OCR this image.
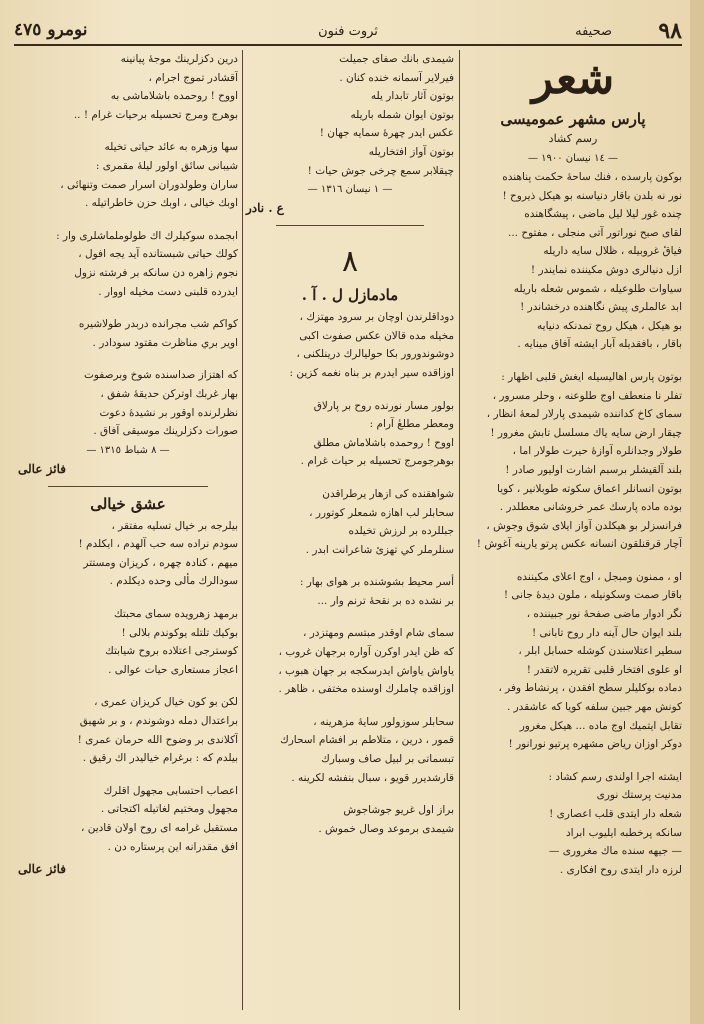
٩٨
صحيفه
ثروت فنون
نومرو ٤٧٥
شعر
پارس مشهر عموميسى
رسم كشاد
— ١٤ نيسان ١٩٠٠ —
بوكون پارسده ، فنك ساحهٔ حكمت پناهنده
نور نه بلدن باقار دنياسنه بو هيكل ذيروح !
چنده غور ليلا ليل ماضى ، پيشگاهنده
لقاى صبح نوراتور آتى منجلى ، مفتوح ...
فياقٔ غروبيله ، ظلال سايه داريله
ازل دنيالرى دوش مكيننده نمايندر !
سياوات طلوعيله ، شموس شعله باريله
ابد عالملرى پيش نگاهنده درخشاندر !
بو هيكل ، هيكل روح تمدنكه دنيايه
باقار ، بافقديله آبار ايشته آفاق مينايه .
بوتون پارس اهاليسيله ايغش قلبى اظهار :
تفلر نا منعطف اوج طلوعنه ، وحلر مسرور ،
سماى كاخ كداننده شيمدى پارلار لمعهٔ انظار ،
چيقار ارض سايه ياك مسلسل تابش مغرور !
طولار وجدانلره آوازهٔ حيرت طولار اما ،
بلند آلقيشلر برسبم اشارت اوليور صادر !
بوتون انسانلر اعماق سكوته طوبلانير ، كويا
بوده ماده پارسك عمر خروشانى معطلدر .
فرانسزلر بو هيكلدن آواز ايلاى شوق وجوش ،
آچار قرقنلقون انسانه عكس پرتو يارينه آغوش !
او ، ممنون ومبجل ، اوج اعلاى مكيننده
باقار صمت وسكونيله ، ملون ديدهٔ جانى !
نگر ادوار ماضى صفحهٔ نور جبيننده ،
بلند ايوان حال آينه دار روح تابانى !
سطير اعتلاسندن كوشله حسابل ابلر ،
او علوى افتخار قلبى تقريره لاتقدر !
دماده بوكليلر سطح افقدن ، پرنشاط وفر ،
كونش مهر جبين سلفه كويا كه عاشقدر .
تقابل ايتميك اوج ماده ... هيكل مغرور
دوكر اوزان رياض مشهره پرتيو نورانور !
ايشته اجرا اولندى رسم كشاد :
مدنيت پرستك نورى
شعله دار ايتدى قلب اعصارى !
سانكه پرخطبه ايليوب ابراد
— جيهه سنده ماك مغرورى —
لرزه دار ايتدى روح افكارى .
شيمدى بانك صفاى جميلت
فيرلاير آسمانه خنده كنان .
بوتون آثار تابدار يله
بوتون ايوان شمله باريله
عكس ايدر چهرهٔ سمايه جهان !
بوتون آواز افتخاريله
چيقلابر سمع چرخى جوش حيات !
— ١ نيسان ١٣١٦ —
ع . نادر
٨
مادمازل ل . آ .
دوداقلرندن اوچان بر سرود مهتزك ،
مخيله مده قالان عكس صفوت اكبى
دوشوندورور بكا حوليالرك درينلكنى ،
اوزاقده سير ايدرم بر بناه نغمه كزين :
بولور مسار نورنده روح بر پارلاق
ومعطر مطلعٔ آرام :
اووح ! روحمده باشلاماش مطلق
بوهرجومرج تحسيله بر حيات غرام .
شواهقنده كى ازهار يرطراقدن
سحابلر لب اهازه شمعلر كوتورر ،
جبللرده بر لرزش تخيلده
سنلرملر كي تهزئ شاعرانت ابدر .
أسر محيط بشوشنده بر هواى بهار :
بر نشده ده بر نقحهٔ ترنم وار ...
سماى شام اوقدر مبتسم ومهتزدر ،
كه ظن ايدر اوكرن آواره برجهان غروب ،
ياواش ياواش ايدرسكجه بر جهان هبوب ،
اوزاقده چاملرك اوسنده مختفى ، ظاهر .
سحابلر سوزولور سايهٔ مزهرينه ،
قمور ، درين ، متلاطم بر افشام اسحارك
تبسماتى بر لبيل صاف وسبارك
قارشديرر قويو ، سبال بنفشه لكرينه .
براز اول غريو جوشاجوش
شيمدى برموعد وصال خموش .
درين دكزلرينك موجهٔ پيانينه
آقشادر تموج اجرام ،
اووح ! روحمده باشلاماشى به
بوهرج ومرج تحسيله برحيات غرام ! ..
سها وزهره به عائد حياتى تخيله
شيبانى سائق اولور ليلهٔ مقمرى :
ساران وطولدوران اسرار صمت وتنهائى ،
اوبك خيالى ، اوبك حزن خاطراتيله .
ابجمده سوكيلرك اك طولوملماشلرى وار :
كولك حياتى شبستانده آيد يجه افول ،
نجوم زاهره دن سانكه بر فرشته نزول
ايدرده قلبنى دست مخيله اووار .
كواكم شب مجرانده دربدر طولاشيره
اوير بري مناظرت مقتود سودادر .
كه اهتزاز صداسنده شوخ وبرصفوت
بهار غربك اوتركن حديقهٔ شفق ،
نظرلرنده اوقور بر نشيدهٔ دعوت
صورات دكزلرينك موسيقى آفاق .
— ٨ شباط ١٣١٥ —
فائز عالى
عشق خيالى
بيلرجه بر خيال تسليه مفتقر ،
سودم نراده سه حب آلهدم ، ايكلدم !
ميهم ، كنادہ چهره ، كريزان ومستتر
سودالرك مألى وحده ديكلدم .
برمهد زهرويده سماى محبتك
بوكيك تلتله يوكوندم بلالى !
كوسترجى اعتلاده بروح شيابتك
اعجاز مستعارى حيات عوالى .
لكن بو كون خيال كريزان عمرى ،
براعتدال دمله دوشوندم ، و بر شهيق
آكلاندى بر وضوح الله حرمان عمرى !
بيلدم كه : برغرام خياليدر اك رقيق .
اعصاب احتسابى مجهول اقلرك
مجهول ومختيم لغاتيله اكتجاتى .
مستقبل غرامه اى روح اولان قادين ،
افق مقدرانه اين پرستاره دن .
فائز عالى
